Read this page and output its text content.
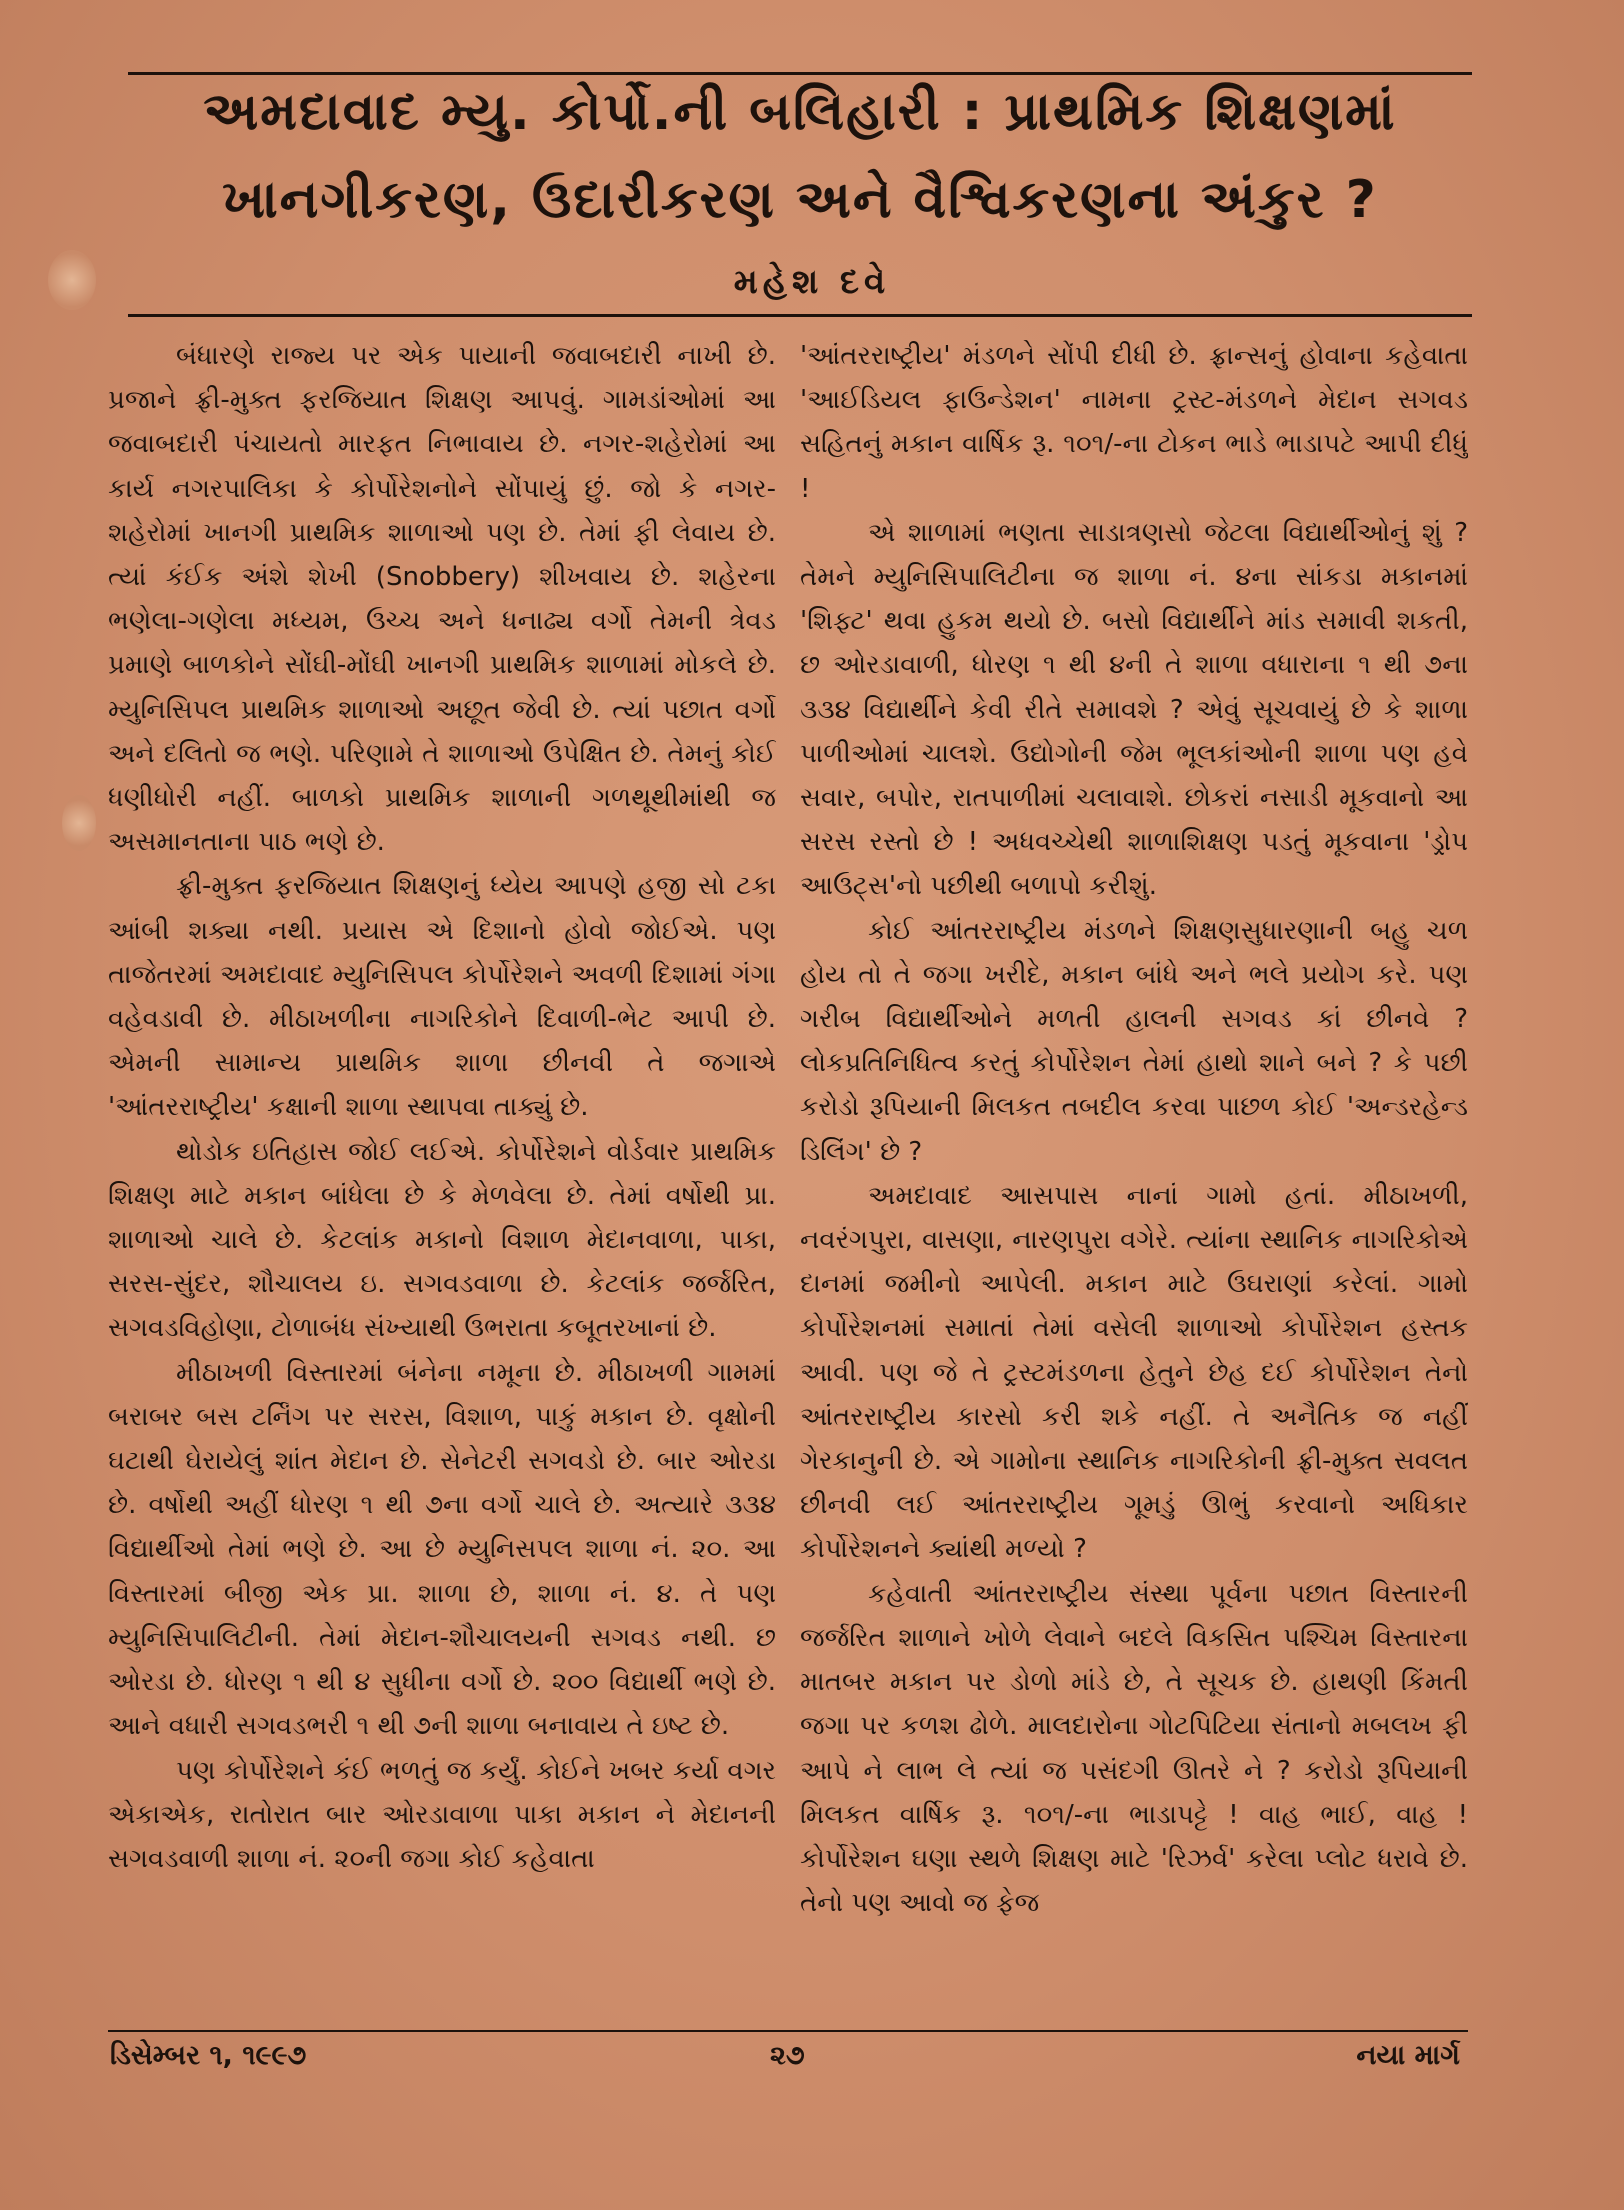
અમદાવાદ મ્યુ. કોર્પો.ની બલિહારી : પ્રાથમિક શિક્ષણમાં
ખાનગીકરણ, ઉદારીકરણ અને વૈશ્વિકરણના અંકુર ?
મહેશ દવે

બંધારણે રાજ્ય પર એક પાયાની જવાબદારી નાખી છે. પ્રજાને ફ્રી-મુક્ત ફરજિયાત શિક્ષણ આપવું. ગામડાંઓમાં આ જવાબદારી પંચાયતો મારફત નિભાવાય છે. નગર-શહેરોમાં આ કાર્ય નગરપાલિકા કે કોર્પોરેશનોને સોંપાયું છું. જો કે નગર-શહેરોમાં ખાનગી પ્રાથમિક શાળાઓ પણ છે. તેમાં ફી લેવાય છે. ત્યાં કંઈક અંશે શેખી (Snobbery) શીખવાય છે. શહેરના ભણેલા-ગણેલા મધ્યમ, ઉચ્ચ અને ધનાઢ્ય વર્ગો તેમની ત્રેવડ પ્રમાણે બાળકોને સોંઘી-મોંઘી ખાનગી પ્રાથમિક શાળામાં મોકલે છે. મ્યુનિસિપલ પ્રાથમિક શાળાઓ અછૂત જેવી છે. ત્યાં પછાત વર્ગો અને દલિતો જ ભણે. પરિણામે તે શાળાઓ ઉપેક્ષિત છે. તેમનું કોઈ ધણીધોરી નહીં. બાળકો પ્રાથમિક શાળાની ગળથૂથીમાંથી જ અસમાનતાના પાઠ ભણે છે.

ફ્રી-મુક્ત ફરજિયાત શિક્ષણનું ધ્યેય આપણે હજી સો ટકા આંબી શક્યા નથી. પ્રયાસ એ દિશાનો હોવો જોઈએ. પણ તાજેતરમાં અમદાવાદ મ્યુનિસિપલ કોર્પોરેશને અવળી દિશામાં ગંગા વહેવડાવી છે. મીઠાખળીના નાગરિકોને દિવાળી-ભેટ આપી છે. એમની સામાન્ય પ્રાથમિક શાળા છીનવી તે જગાએ 'આંતરરાષ્ટ્રીય' કક્ષાની શાળા સ્થાપવા તાક્યું છે.

થોડોક ઇતિહાસ જોઈ લઈએ. કોર્પોરેશને વોર્ડવાર પ્રાથમિક શિક્ષણ માટે મકાન બાંધેલા છે કે મેળવેલા છે. તેમાં વર્ષોથી પ્રા. શાળાઓ ચાલે છે. કેટલાંક મકાનો વિશાળ મેદાનવાળા, પાકા, સરસ-સુંદર, શૌચાલય ઇ. સગવડવાળા છે. કેટલાંક જર્જરિત, સગવડવિહોણા, ટોળાબંધ સંખ્યાથી ઉભરાતા કબૂતરખાનાં છે.

મીઠાખળી વિસ્તારમાં બંનેના નમૂના છે. મીઠાખળી ગામમાં બરાબર બસ ટર્નિંગ પર સરસ, વિશાળ, પાકું મકાન છે. વૃક્ષોની ઘટાથી ઘેરાયેલું શાંત મેદાન છે. સેનેટરી સગવડો છે. બાર ઓરડા છે. વર્ષોથી અહીં ધોરણ ૧ થી ૭ના વર્ગો ચાલે છે. અત્યારે ૩૩૪ વિદ્યાર્થીઓ તેમાં ભણે છે. આ છે મ્યુનિસપલ શાળા નં. ૨૦. આ વિસ્તારમાં બીજી એક પ્રા. શાળા છે, શાળા નં. ૪. તે પણ મ્યુનિસિપાલિટીની. તેમાં મેદાન-શૌચાલયની સગવડ નથી. છ ઓરડા છે. ધોરણ ૧ થી ૪ સુધીના વર્ગો છે. ૨૦૦ વિદ્યાર્થી ભણે છે. આને વધારી સગવડભરી ૧ થી ૭ની શાળા બનાવાય તે ઇષ્ટ છે.

પણ કોર્પોરેશને કંઈ ભળતું જ કર્યું. કોઈને ખબર કર્યા વગર એકાએક, રાતોરાત બાર ઓરડાવાળા પાકા મકાન ને મેદાનની સગવડવાળી શાળા નં. ૨૦ની જગા કોઈ કહેવાતા

'આંતરરાષ્ટ્રીય' મંડળને સોંપી દીધી છે. ફ્રાન્સનું હોવાના કહેવાતા 'આઈડિયલ ફાઉન્ડેશન' નામના ટ્રસ્ટ-મંડળને મેદાન સગવડ સહિતનું મકાન વાર્ષિક રૂ. ૧૦૧/-ના ટોકન ભાડે ભાડાપટે આપી દીધું !

એ શાળામાં ભણતા સાડાત્રણસો જેટલા વિદ્યાર્થીઓનું શું ? તેમને મ્યુનિસિપાલિટીના જ શાળા નં. ૪ના સાંકડા મકાનમાં 'શિફ્ટ' થવા હુકમ થયો છે. બસો વિદ્યાર્થીને માંડ સમાવી શકતી, છ ઓરડાવાળી, ધોરણ ૧ થી ૪ની તે શાળા વધારાના ૧ થી ૭ના ૩૩૪ વિદ્યાર્થીને કેવી રીતે સમાવશે ? એવું સૂચવાયું છે કે શાળા પાળીઓમાં ચાલશે. ઉદ્યોગોની જેમ ભૂલકાંઓની શાળા પણ હવે સવાર, બપોર, રાતપાળીમાં ચલાવાશે. છોકરાં નસાડી મૂકવાનો આ સરસ રસ્તો છે ! અધવચ્ચેથી શાળાશિક્ષણ પડતું મૂકવાના 'ડ્રોપ આઉટ્સ'નો પછીથી બળાપો કરીશું.

કોઈ આંતરરાષ્ટ્રીય મંડળને શિક્ષણસુધારણાની બહુ ચળ હોય તો તે જગા ખરીદે, મકાન બાંધે અને ભલે પ્રયોગ કરે. પણ ગરીબ વિદ્યાર્થીઓને મળતી હાલની સગવડ કાં છીનવે ? લોકપ્રતિનિધિત્વ કરતું કોર્પોરેશન તેમાં હાથો શાને બને ? કે પછી કરોડો રૂપિયાની મિલકત તબદીલ કરવા પાછળ કોઈ 'અન્ડરહેન્ડ ડિલિંગ' છે ?

અમદાવાદ આસપાસ નાનાં ગામો હતાં. મીઠાખળી, નવરંગપુરા, વાસણા, નારણપુરા વગેરે. ત્યાંના સ્થાનિક નાગરિકોએ દાનમાં જમીનો આપેલી. મકાન માટે ઉઘરાણાં કરેલાં. ગામો કોર્પોરેશનમાં સમાતાં તેમાં વસેલી શાળાઓ કોર્પોરેશન હસ્તક આવી. પણ જે તે ટ્રસ્ટમંડળના હેતુને છેહ દઈ કોર્પોરેશન તેનો આંતરરાષ્ટ્રીય કારસો કરી શકે નહીં. તે અનૈતિક જ નહીં ગેરકાનુની છે. એ ગામોના સ્થાનિક નાગરિકોની ફ્રી-મુક્ત સવલત છીનવી લઈ આંતરરાષ્ટ્રીય ગૂમડું ઊભું કરવાનો અધિકાર કોર્પોરેશનને ક્યાંથી મળ્યો ?

કહેવાતી આંતરરાષ્ટ્રીય સંસ્થા પૂર્વના પછાત વિસ્તારની જર્જરિત શાળાને ખોળે લેવાને બદલે વિકસિત પશ્ચિમ વિસ્તારના માતબર મકાન પર ડોળો માંડે છે, તે સૂચક છે. હાથણી કિંમતી જગા પર કળશ ઢોળે. માલદારોના ગોટપિટિયા સંતાનો મબલખ ફી આપે ને લાભ લે ત્યાં જ પસંદગી ઊતરે ને ? કરોડો રૂપિયાની મિલકત વાર્ષિક રૂ. ૧૦૧/-ના ભાડાપટ્ટે ! વાહ ભાઈ, વાહ ! કોર્પોરેશન ઘણા સ્થળે શિક્ષણ માટે 'રિઝર્વ' કરેલા પ્લોટ ધરાવે છે. તેનો પણ આવો જ ફેજ

ડિસેમ્બર ૧, ૧૯૯૭	૨૭	નયા માર્ગ
